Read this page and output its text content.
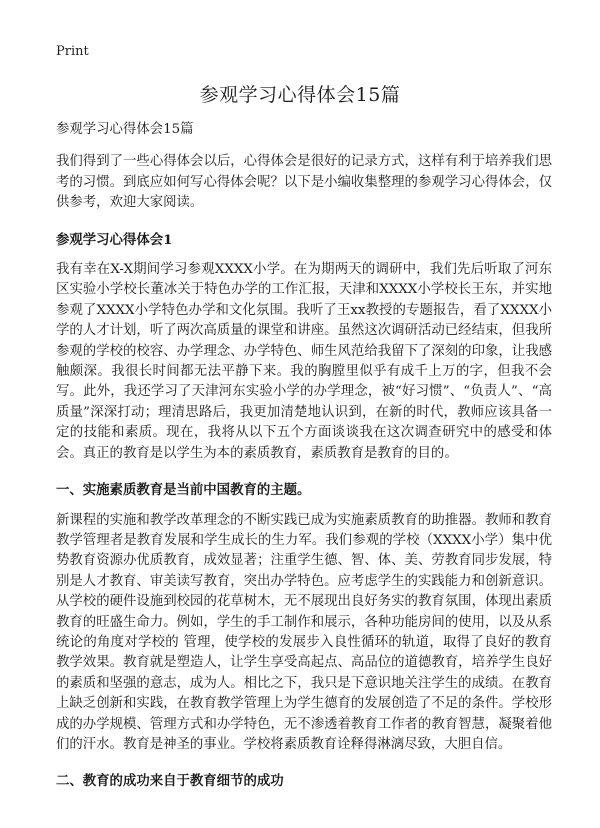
Print
参观学习心得体会15篇

参观学习心得体会15篇

我们得到了一些心得体会以后，心得体会是很好的记录方式，这样有利于培养我们思考的习惯。到底应如何写心得体会呢？以下是小编收集整理的参观学习心得体会，仅供参考，欢迎大家阅读。

参观学习心得体会1

我有幸在X-X期间学习参观XXXX小学。在为期两天的调研中，我们先后听取了河东区实验小学校长董冰关于特色办学的工作汇报，天津和XXXX小学校长王东，并实地参观了XXXX小学特色办学和文化氛围。我听了王xx教授的专题报告，看了XXXX小学的人才计划，听了两次高质量的课堂和讲座。虽然这次调研活动已经结束，但我所参观的学校的校容、办学理念、办学特色、师生风范给我留下了深刻的印象，让我感触颇深。我很长时间都无法平静下来。我的胸膛里似乎有成千上万的字，但我不会写。此外，我还学习了天津河东实验小学的办学理念，被“好习惯”、“负责人”、“高质量”深深打动；理清思路后，我更加清楚地认识到，在新的时代，教师应该具备一定的技能和素质。现在，我将从以下五个方面谈谈我在这次调查研究中的感受和体会。真正的教育是以学生为本的素质教育，素质教育是教育的目的。

一、实施素质教育是当前中国教育的主题。

新课程的实施和教学改革理念的不断实践已成为实施素质教育的助推器。教师和教育教学管理者是教育发展和学生成长的生力军。我们参观的学校（XXXX小学）集中优势教育资源办优质教育，成效显著；注重学生德、智、体、美、劳教育同步发展，特别是人才教育、审美读写教育，突出办学特色。应考虑学生的实践能力和创新意识。从学校的硬件设施到校园的花草树木，无不展现出良好务实的教育氛围，体现出素质教育的旺盛生命力。例如，学生的手工制作和展示，各种功能房间的使用，以及从系统论的角度对学校的 管理，使学校的发展步入良性循环的轨道，取得了良好的教育教学效果。教育就是塑造人，让学生享受高起点、高品位的道德教育，培养学生良好的素质和坚强的意志，成为人。相比之下，我只是下意识地关注学生的成绩。在教育上缺乏创新和实践，在教育教学管理上为学生德育的发展创造了不足的条件。学校形成的办学规模、管理方式和办学特色，无不渗透着教育工作者的教育智慧，凝聚着他们的汗水。教育是神圣的事业。学校将素质教育诠释得淋漓尽致，大胆自信。

二、教育的成功来自于教育细节的成功
